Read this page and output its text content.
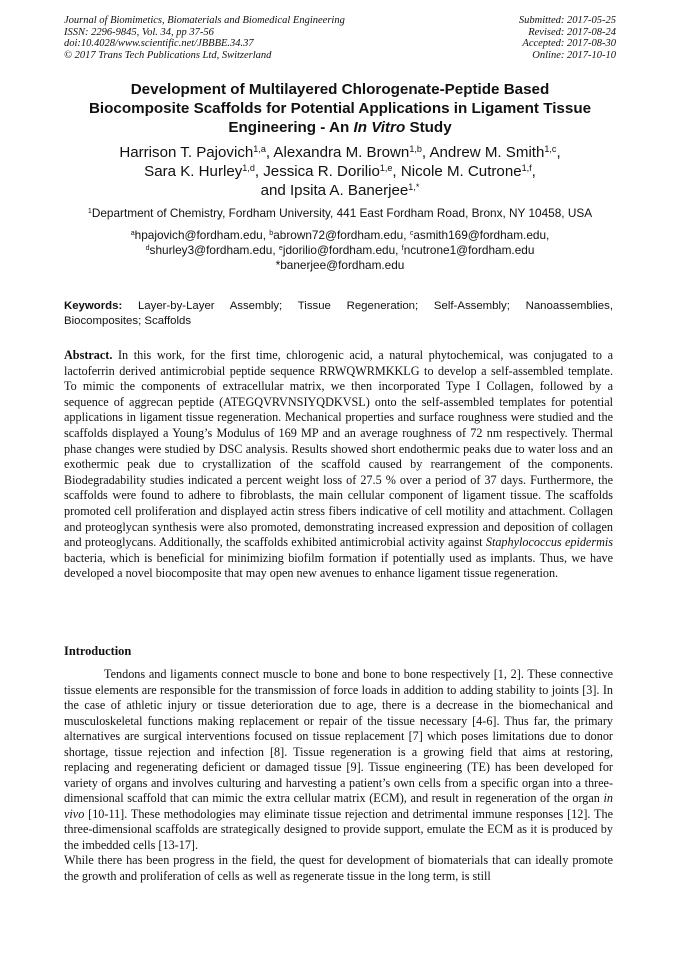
Journal of Biomimetics, Biomaterials and Biomedical Engineering
ISSN: 2296-9845, Vol. 34, pp 37-56
doi:10.4028/www.scientific.net/JBBBE.34.37
© 2017 Trans Tech Publications Ltd, Switzerland
Submitted: 2017-05-25
Revised: 2017-08-24
Accepted: 2017-08-30
Online: 2017-10-10
Development of Multilayered Chlorogenate-Peptide Based
Biocomposite Scaffolds for Potential Applications in Ligament Tissue
Engineering - An In Vitro Study
Harrison T. Pajovich$^{1,a}$, Alexandra M. Brown$^{1,b}$, Andrew M. Smith$^{1,c}$,
Sara K. Hurley$^{1,d}$, Jessica R. Dorilio$^{1,e}$, Nicole M. Cutrone$^{1,f}$,
and Ipsita A. Banerjee$^{1,*}$
$^1$Department of Chemistry, Fordham University, 441 East Fordham Road, Bronx, NY 10458, USA
$^a$hpajovich@fordham.edu, $^b$abrown72@fordham.edu, $^c$asmith169@fordham.edu,
$^d$shurley3@fordham.edu, $^e$jdorilio@fordham.edu, $^f$ncutrone1@fordham.edu
*banerjee@fordham.edu
Keywords: Layer-by-Layer Assembly; Tissue Regeneration; Self-Assembly; Nanoassemblies, Biocomposites; Scaffolds
Abstract. In this work, for the first time, chlorogenic acid, a natural phytochemical, was conjugated to a lactoferrin derived antimicrobial peptide sequence RRWQWRMKKLG to develop a self-assembled template. To mimic the components of extracellular matrix, we then incorporated Type I Collagen, followed by a sequence of aggrecan peptide (ATEGQVRVNSIYQDKVSL) onto the self-assembled templates for potential applications in ligament tissue regeneration. Mechanical properties and surface roughness were studied and the scaffolds displayed a Young’s Modulus of 169 MP and an average roughness of 72 nm respectively. Thermal phase changes were studied by DSC analysis. Results showed short endothermic peaks due to water loss and an exothermic peak due to crystallization of the scaffold caused by rearrangement of the components. Biodegradability studies indicated a percent weight loss of 27.5 % over a period of 37 days. Furthermore, the scaffolds were found to adhere to fibroblasts, the main cellular component of ligament tissue. The scaffolds promoted cell proliferation and displayed actin stress fibers indicative of cell motility and attachment. Collagen and proteoglycan synthesis were also promoted, demonstrating increased expression and deposition of collagen and proteoglycans. Additionally, the scaffolds exhibited antimicrobial activity against Staphylococcus epidermis bacteria, which is beneficial for minimizing biofilm formation if potentially used as implants. Thus, we have developed a novel biocomposite that may open new avenues to enhance ligament tissue regeneration.
Introduction

Tendons and ligaments connect muscle to bone and bone to bone respectively [1, 2]. These connective tissue elements are responsible for the transmission of force loads in addition to adding stability to joints [3]. In the case of athletic injury or tissue deterioration due to age, there is a decrease in the biomechanical and musculoskeletal functions making replacement or repair of the tissue necessary [4-6]. Thus far, the primary alternatives are surgical interventions focused on tissue replacement [7] which poses limitations due to donor shortage, tissue rejection and infection [8]. Tissue regeneration is a growing field that aims at restoring, replacing and regenerating deficient or damaged tissue [9]. Tissue engineering (TE) has been developed for variety of organs and involves culturing and harvesting a patient’s own cells from a specific organ into a three-dimensional scaffold that can mimic the extra cellular matrix (ECM), and result in regeneration of the organ in vivo [10-11]. These methodologies may eliminate tissue rejection and detrimental immune responses [12]. The three-dimensional scaffolds are strategically designed to provide support, emulate the ECM as it is produced by the imbedded cells [13-17].

While there has been progress in the field, the quest for development of biomaterials that can ideally promote the growth and proliferation of cells as well as regenerate tissue in the long term, is still
